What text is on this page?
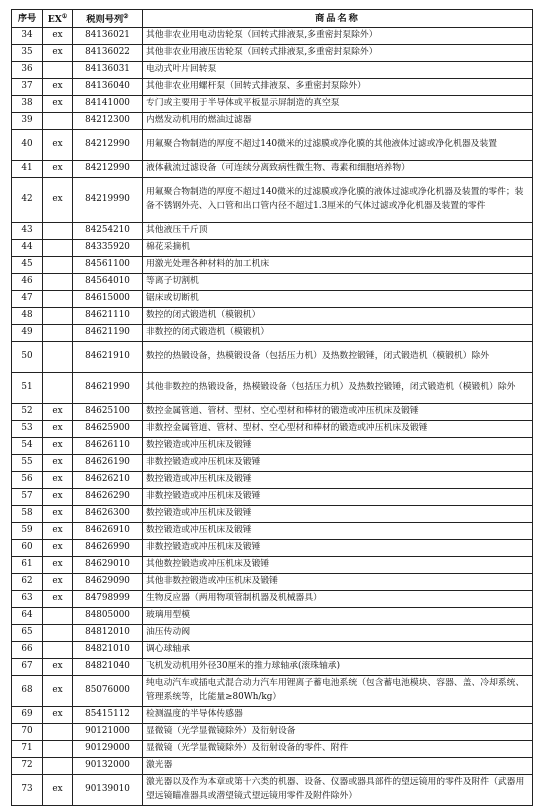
序号	EX①	税则号列②	商品名称
34	ex	84136021	其他非农业用电动齿轮泵（回转式排液泵,多重密封泵除外）
35	ex	84136022	其他非农业用液压齿轮泵（回转式排液泵,多重密封泵除外）
36		84136031	电动式叶片回转泵
37	ex	84136040	其他非农业用螺杆泵（回转式排液泵、多重密封泵除外）
38	ex	84141000	专门或主要用于半导体或平板显示屏制造的真空泵
39		84212300	内燃发动机用的燃油过滤器
40	ex	84212990	用氟聚合物制造的厚度不超过140微米的过滤膜或净化膜的其他液体过滤或净化机器及装置
41	ex	84212990	液体截流过滤设备（可连续分离致病性微生物、毒素和细胞培养物）
42	ex	84219990	用氟聚合物制造的厚度不超过140微米的过滤膜或净化膜的液体过滤或净化机器及装置的零件；装备不锈钢外壳、入口管和出口管内径不超过1.3厘米的气体过滤或净化机器及装置的零件
43		84254210	其他液压千斤顶
44		84335920	棉花采摘机
45		84561100	用激光处理各种材料的加工机床
46		84564010	等离子切割机
47		84615000	锯床或切断机
48		84621110	数控的闭式锻造机（模锻机）
49		84621190	非数控的闭式锻造机（模锻机）
50		84621910	数控的热锻设备，热模锻设备（包括压力机）及热数控锻锤，闭式锻造机（模锻机）除外
51		84621990	其他非数控的热锻设备，热模锻设备（包括压力机）及热数控锻锤，闭式锻造机（模锻机）除外
52	ex	84625100	数控金属管道、管材、型材、空心型材和棒材的锻造或冲压机床及锻锤
53	ex	84625900	非数控金属管道、管材、型材、空心型材和棒材的锻造或冲压机床及锻锤
54	ex	84626110	数控锻造或冲压机床及锻锤
55	ex	84626190	非数控锻造或冲压机床及锻锤
56	ex	84626210	数控锻造或冲压机床及锻锤
57	ex	84626290	非数控锻造或冲压机床及锻锤
58	ex	84626300	数控锻造或冲压机床及锻锤
59	ex	84626910	数控锻造或冲压机床及锻锤
60	ex	84626990	非数控锻造或冲压机床及锻锤
61	ex	84629010	其他数控锻造或冲压机床及锻锤
62	ex	84629090	其他非数控锻造或冲压机床及锻锤
63	ex	84798999	生物反应器（两用物项管制机器及机械器具）
64		84805000	玻璃用型模
65		84812010	油压传动阀
66		84821010	调心球轴承
67	ex	84821040	飞机发动机用外径30厘米的推力球轴承(滚珠轴承)
68	ex	85076000	纯电动汽车或插电式混合动力汽车用锂离子蓄电池系统（包含蓄电池模块、容器、盖、冷却系统、管理系统等，比能量≥80Wh/kg）
69	ex	85415112	检测温度的半导体传感器
70		90121000	显微镜（光学显微镜除外）及衍射设备
71		90129000	显微镜（光学显微镜除外）及衍射设备的零件、附件
72		90132000	激光器
73	ex	90139010	激光器以及作为本章或第十六类的机器、设备、仪器或器具部件的望远镜用的零件及附件（武器用望远镜瞄准器具或潜望镜式望远镜用零件及附件除外）
